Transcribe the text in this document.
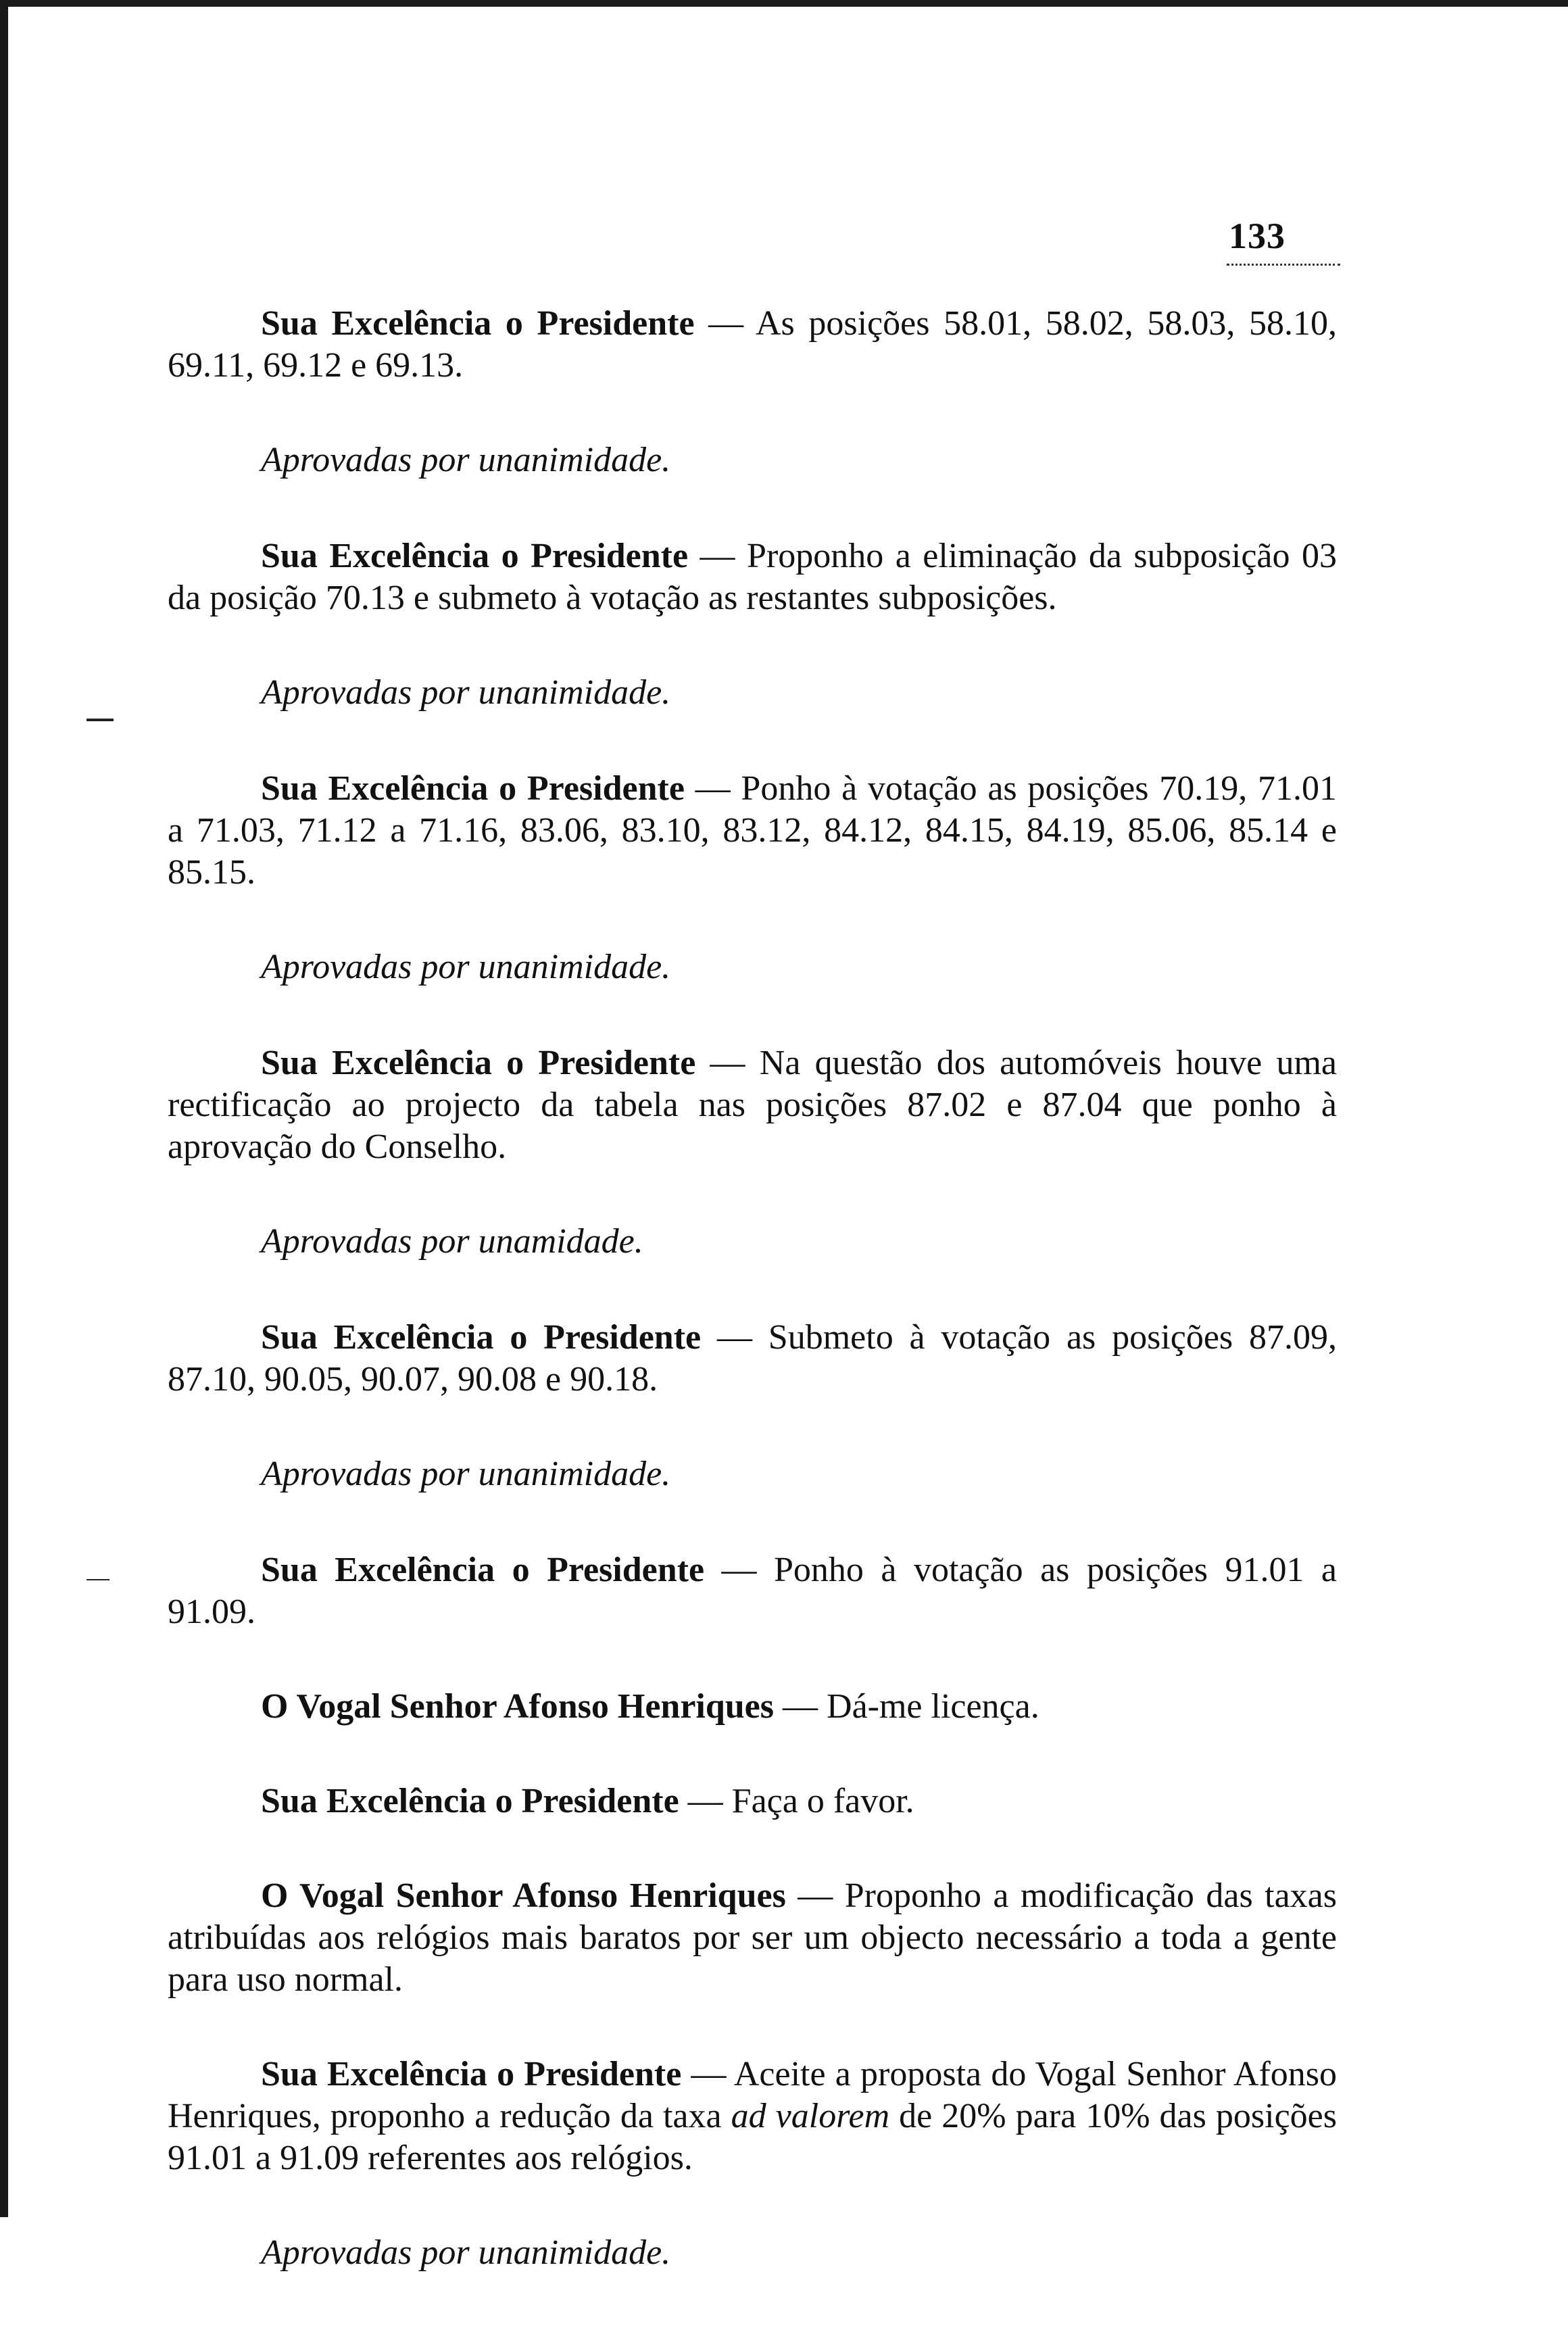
133

Sua Excelência o Presidente — As posições 58.01, 58.02, 58.03, 58.10, 69.11, 69.12 e 69.13.

Aprovadas por unanimidade.

Sua Excelência o Presidente — Proponho a eliminação da subposição 03 da posição 70.13 e submeto à votação as restantes subposições.

Aprovadas por unanimidade.

Sua Excelência o Presidente — Ponho à votação as posições 70.19, 71.01 a 71.03, 71.12 a 71.16, 83.06, 83.10, 83.12, 84.12, 84.15, 84.19, 85.06, 85.14 e 85.15.

Aprovadas por unanimidade.

Sua Excelência o Presidente — Na questão dos automóveis houve uma rectificação ao projecto da tabela nas posições 87.02 e 87.04 que ponho à aprovação do Conselho.

Aprovadas por unamidade.

Sua Excelência o Presidente — Submeto à votação as posições 87.09, 87.10, 90.05, 90.07, 90.08 e 90.18.

Aprovadas por unanimidade.

Sua Excelência o Presidente — Ponho à votação as posições 91.01 a 91.09.

O Vogal Senhor Afonso Henriques — Dá-me licença.

Sua Excelência o Presidente — Faça o favor.

O Vogal Senhor Afonso Henriques — Proponho a modificação das taxas atribuídas aos relógios mais baratos por ser um objecto necessário a toda a gente para uso normal.

Sua Excelência o Presidente — Aceite a proposta do Vogal Senhor Afonso Henriques, proponho a redução da taxa ad valorem de 20% para 10% das posições 91.01 a 91.09 referentes aos relógios.

Aprovadas por unanimidade.
